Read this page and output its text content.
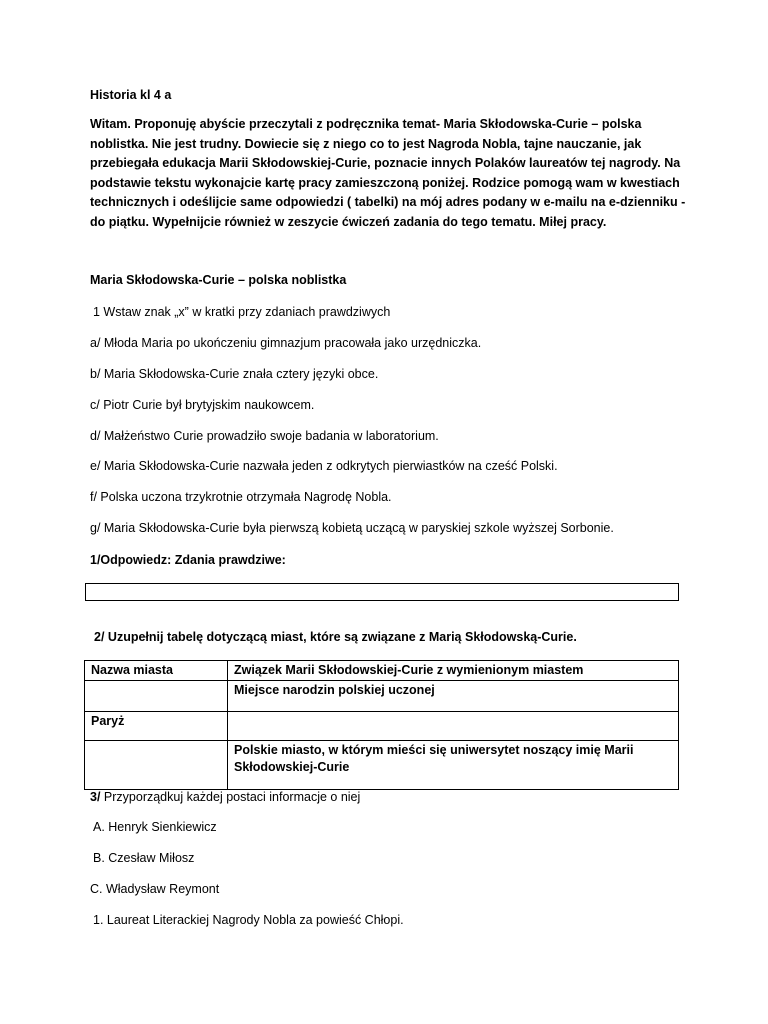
Historia kl 4 a
Witam. Proponuję abyście przeczytali z podręcznika temat- Maria Skłodowska-Curie – polska
noblistka. Nie jest trudny. Dowiecie się z niego co to jest Nagroda Nobla, tajne nauczanie, jak
przebiegała edukacja Marii Skłodowskiej-Curie, poznacie innych Polaków laureatów tej nagrody. Na
podstawie tekstu wykonajcie kartę pracy zamieszczoną poniżej. Rodzice pomogą wam w kwestiach
technicznych i odeślijcie same odpowiedzi ( tabelki) na mój adres podany w e-mailu na e-dzienniku -
do piątku. Wypełnijcie również w zeszycie ćwiczeń zadania do tego tematu. Miłej pracy.
Maria Skłodowska-Curie – polska noblistka
1 Wstaw znak „x” w kratki przy zdaniach prawdziwych
a/ Młoda Maria po ukończeniu gimnazjum pracowała jako urzędniczka.
b/ Maria Skłodowska-Curie znała cztery języki obce.
c/ Piotr Curie był brytyjskim naukowcem.
d/ Małżeństwo Curie prowadziło swoje badania w laboratorium.
e/ Maria Skłodowska-Curie nazwała jeden z odkrytych pierwiastków na cześć Polski.
f/ Polska uczona trzykrotnie otrzymała Nagrodę Nobla.
g/ Maria Skłodowska-Curie była pierwszą kobietą uczącą w paryskiej szkole wyższej Sorbonie.
1/Odpowiedz: Zdania prawdziwe:
2/ Uzupełnij tabelę dotyczącą miast, które są związane z Marią Skłodowską-Curie.
Nazwa miasta	Związek Marii Skłodowskiej-Curie z wymienionym miastem
	Miejsce narodzin polskiej uczonej
Paryż	
	Polskie miasto, w którym mieści się uniwersytet noszący imię Marii Skłodowskiej-Curie
3/ Przyporządkuj każdej postaci informacje o niej
A. Henryk Sienkiewicz
B. Czesław Miłosz
C. Władysław Reymont
1. Laureat Literackiej Nagrody Nobla za powieść Chłopi.
